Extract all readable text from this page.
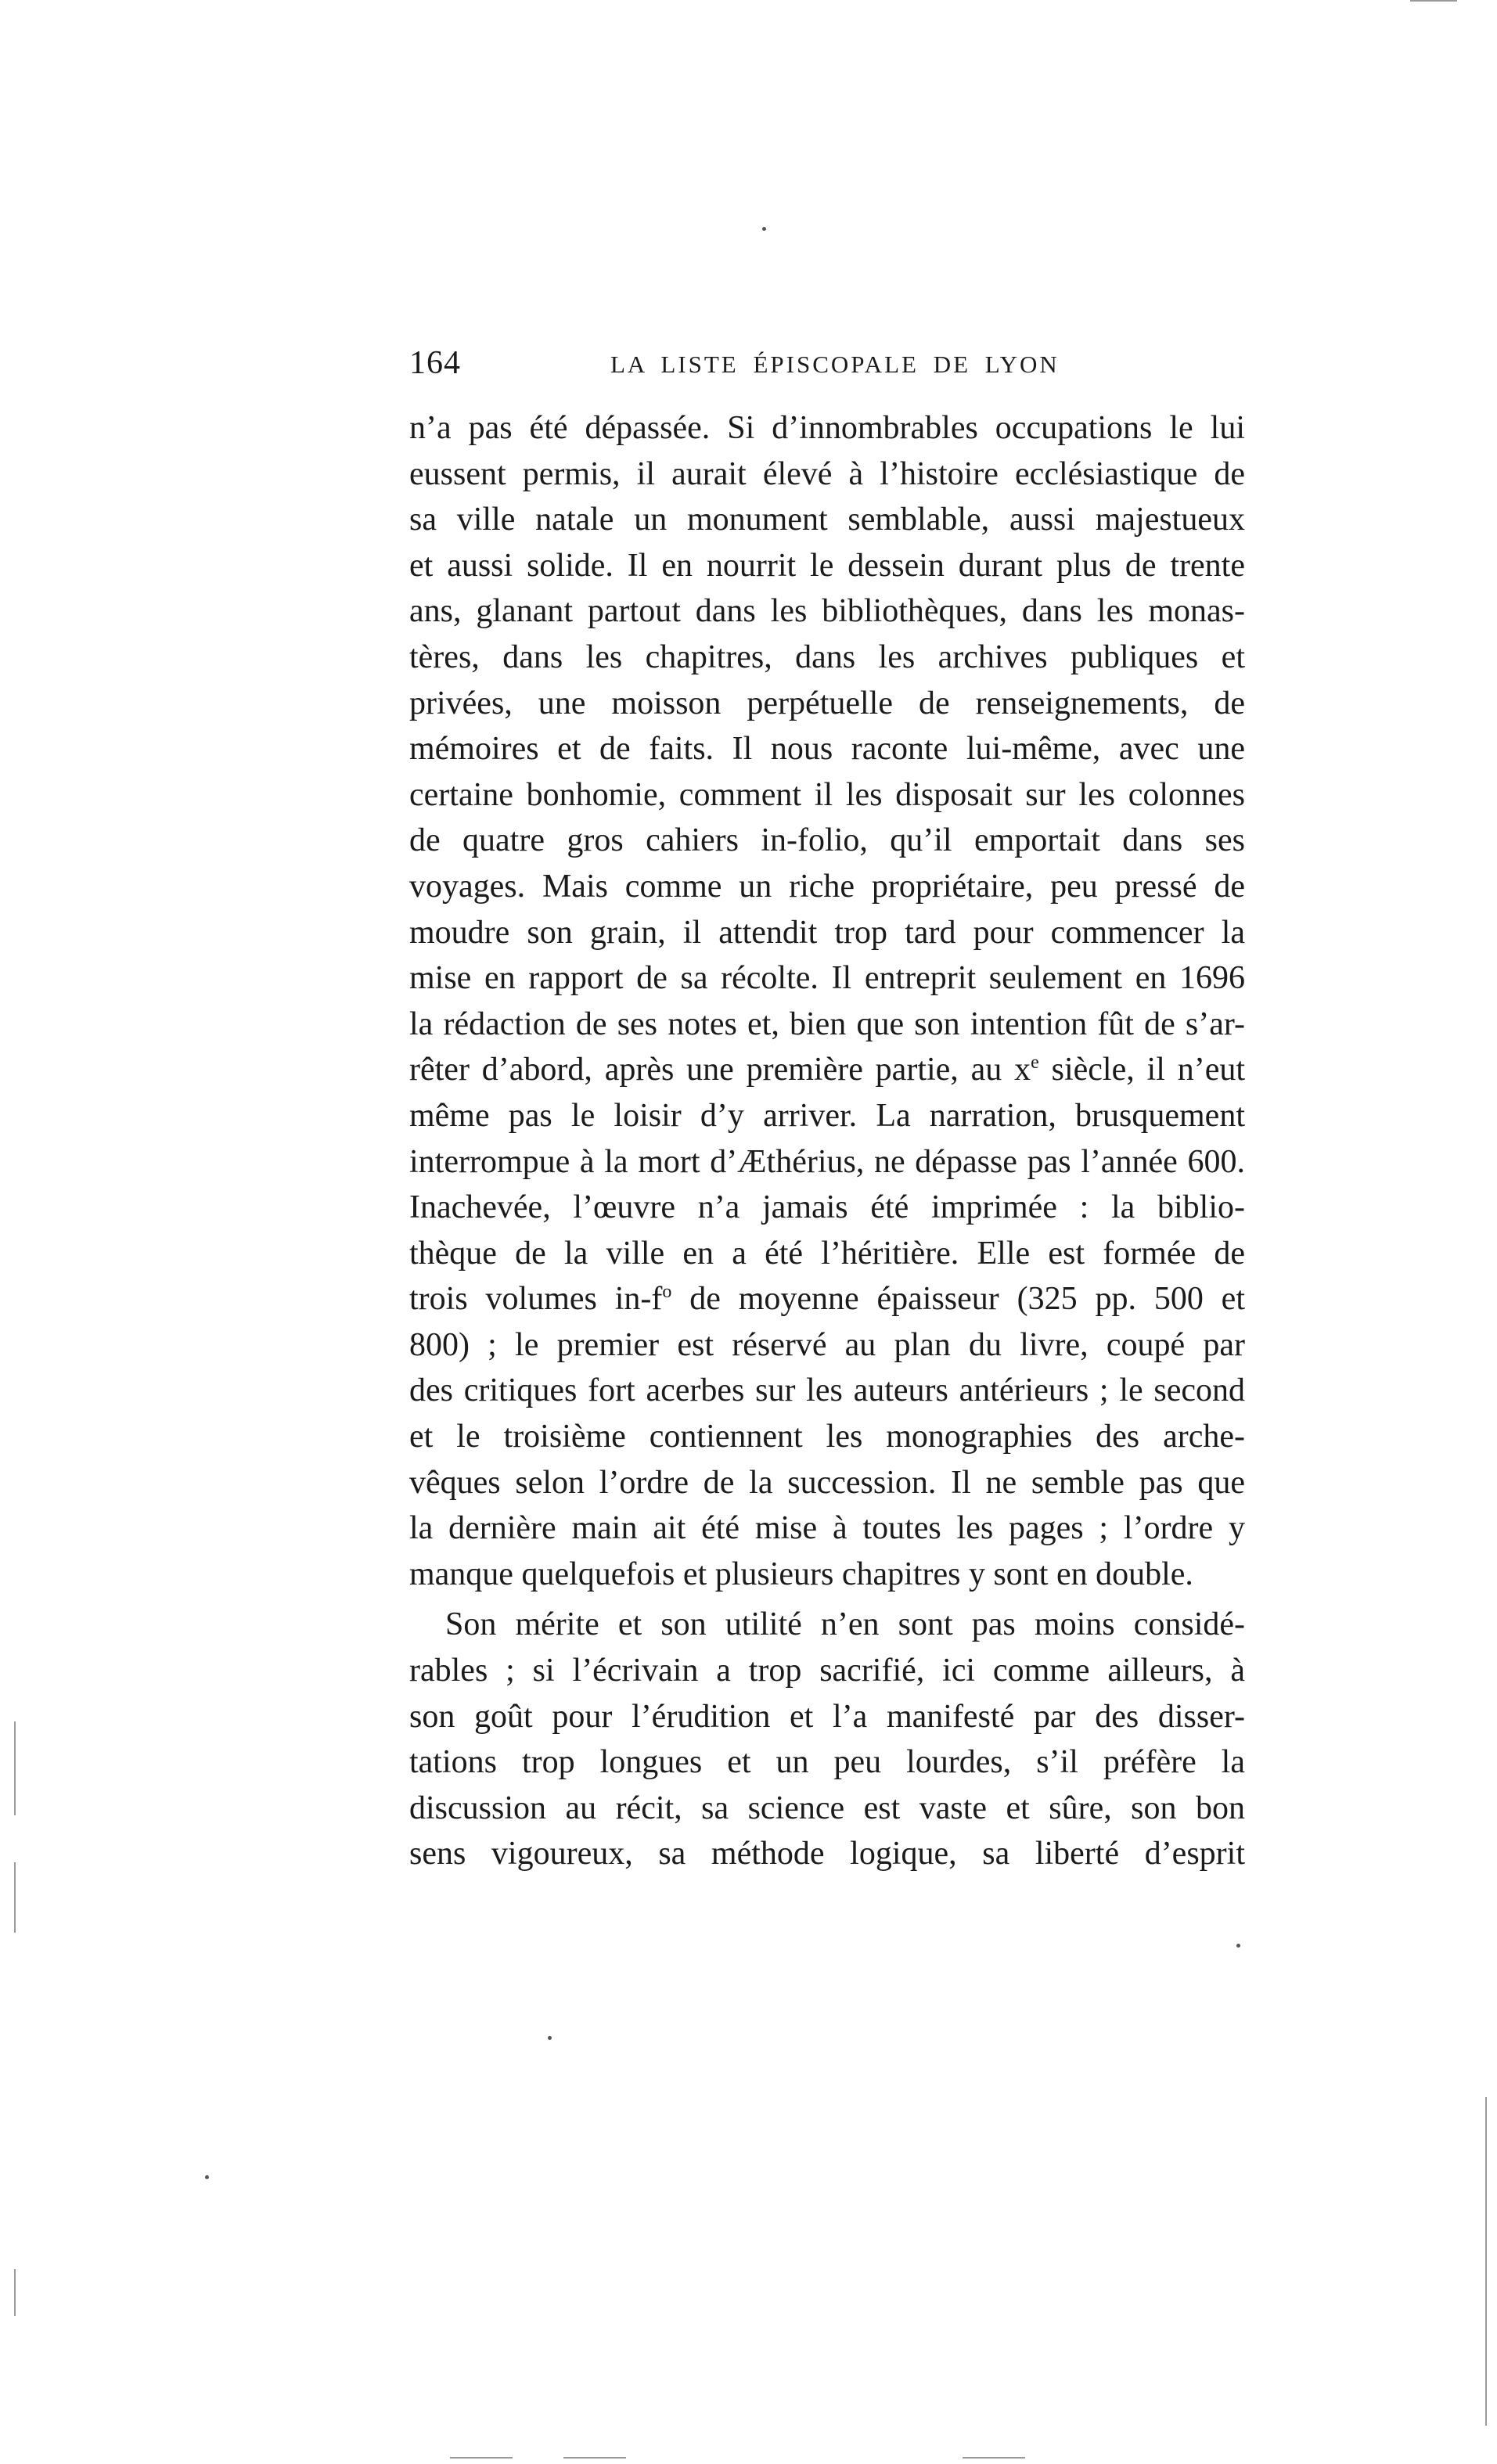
164	LA LISTE ÉPISCOPALE DE LYON
n’a pas été dépassée. Si d’innombrables occupations le lui
eussent permis, il aurait élevé à l’histoire ecclésiastique de
sa ville natale un monument semblable, aussi majestueux
et aussi solide. Il en nourrit le dessein durant plus de trente
ans, glanant partout dans les bibliothèques, dans les monas-
tères, dans les chapitres, dans les archives publiques et
privées, une moisson perpétuelle de renseignements, de
mémoires et de faits. Il nous raconte lui-même, avec une
certaine bonhomie, comment il les disposait sur les colonnes
de quatre gros cahiers in-folio, qu’il emportait dans ses
voyages. Mais comme un riche propriétaire, peu pressé de
moudre son grain, il attendit trop tard pour commencer la
mise en rapport de sa récolte. Il entreprit seulement en 1696
la rédaction de ses notes et, bien que son intention fût de s’ar-
rêter d’abord, après une première partie, au $x^e$ siècle, il n’eut
même pas le loisir d’y arriver. La narration, brusquement
interrompue à la mort d’Æthérius, ne dépasse pas l’année 600.
Inachevée, l’œuvre n’a jamais été imprimée : la biblio-
thèque de la ville en a été l’héritière. Elle est formée de
trois volumes $in-f^o$ de moyenne épaisseur (325 pp. 500 et
800) ; le premier est réservé au plan du livre, coupé par
des critiques fort acerbes sur les auteurs antérieurs ; le second
et le troisième contiennent les monographies des arche-
vêques selon l’ordre de la succession. Il ne semble pas que
la dernière main ait été mise à toutes les pages ; l’ordre y
manque quelquefois et plusieurs chapitres y sont en double.
Son mérite et son utilité n’en sont pas moins considé-
rables ; si l’écrivain a trop sacrifié, ici comme ailleurs, à
son goût pour l’érudition et l’a manifesté par des disser-
tations trop longues et un peu lourdes, s’il préfère la
discussion au récit, sa science est vaste et sûre, son bon
sens vigoureux, sa méthode logique, sa liberté d’esprit
